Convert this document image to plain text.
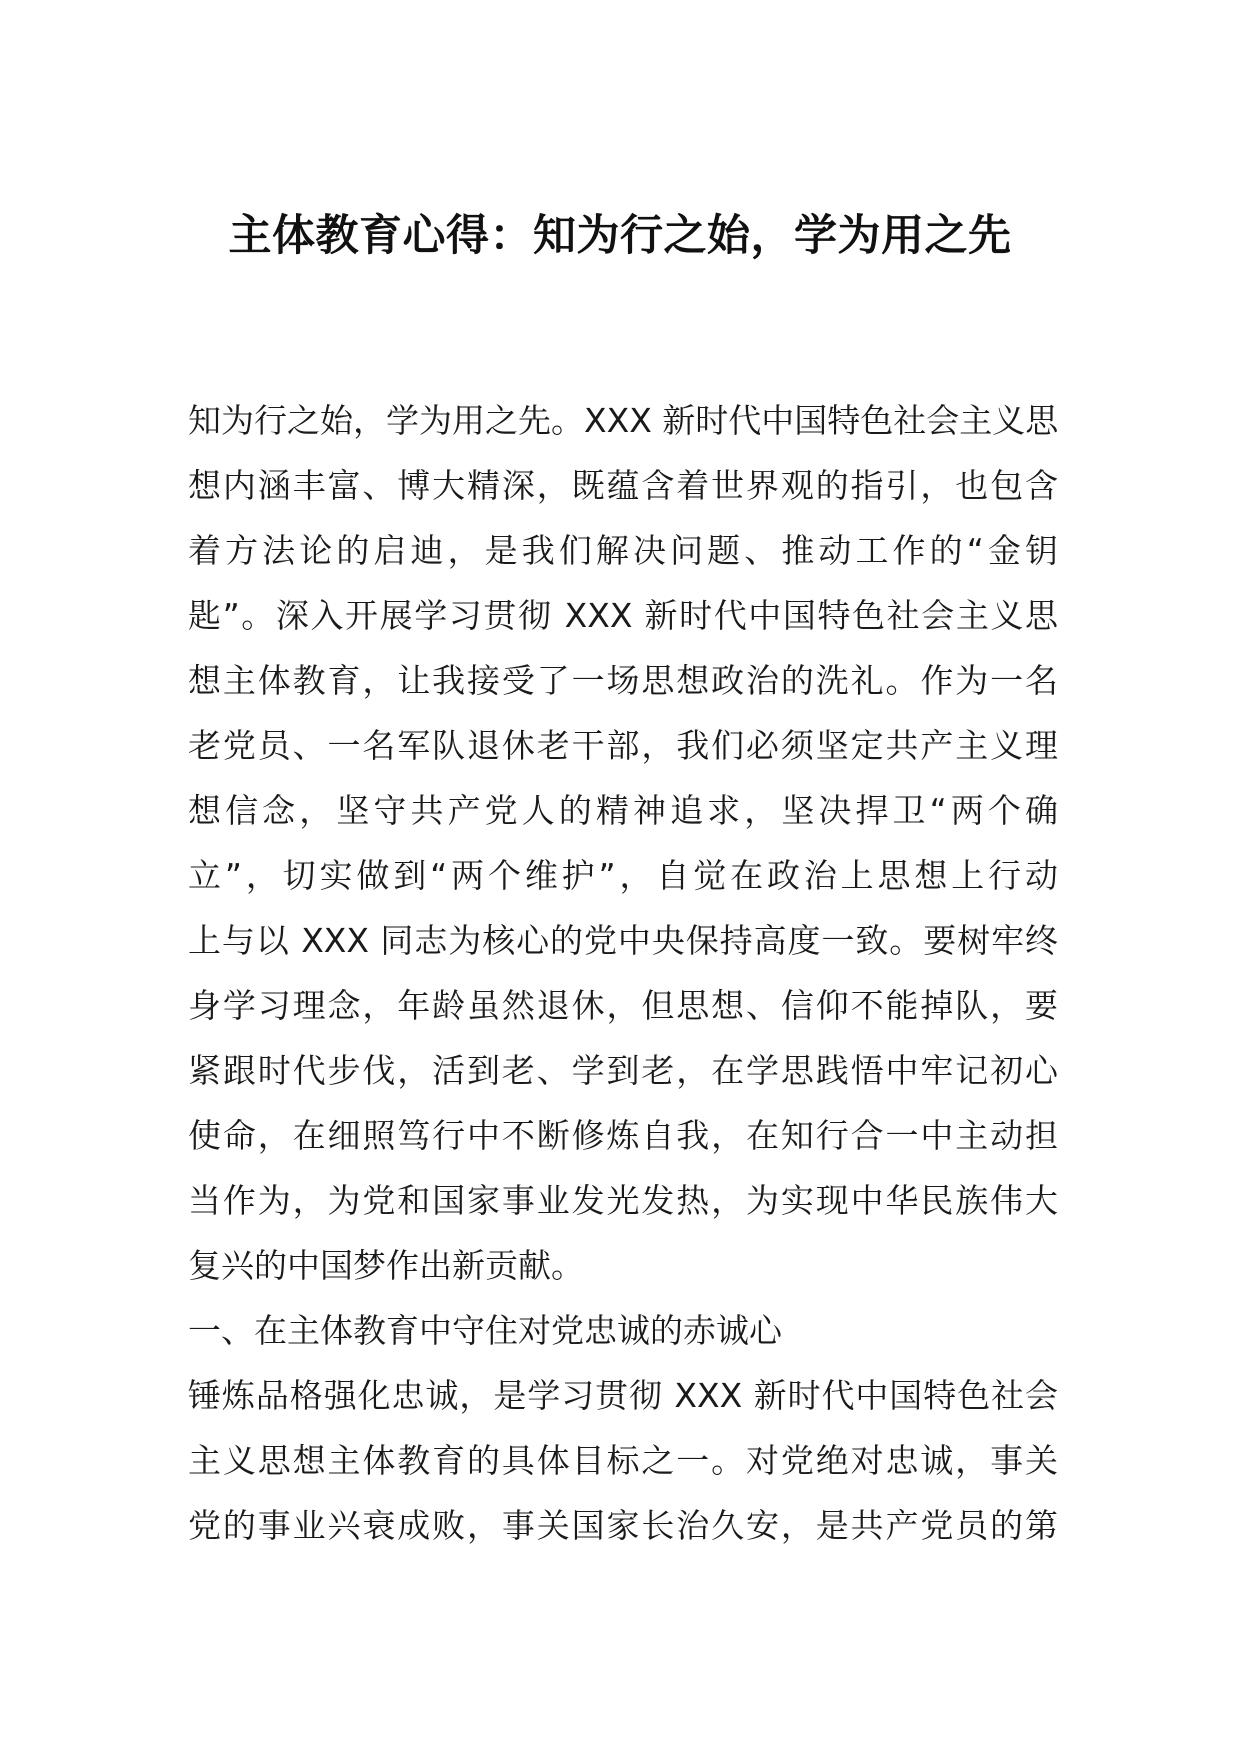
主体教育心得：知为行之始，学为用之先
知为行之始，学为用之先。XXX 新时代中国特色社会主义思
想内涵丰富、博大精深，既蕴含着世界观的指引，也包含
着方法论的启迪，是我们解决问题、推动工作的“金钥
匙”。深入开展学习贯彻 XXX 新时代中国特色社会主义思
想主体教育，让我接受了一场思想政治的洗礼。作为一名
老党员、一名军队退休老干部，我们必须坚定共产主义理
想信念，坚守共产党人的精神追求，坚决捍卫“两个确
立”，切实做到“两个维护”，自觉在政治上思想上行动
上与以 XXX 同志为核心的党中央保持高度一致。要树牢终
身学习理念，年龄虽然退休，但思想、信仰不能掉队，要
紧跟时代步伐，活到老、学到老，在学思践悟中牢记初心
使命，在细照笃行中不断修炼自我，在知行合一中主动担
当作为，为党和国家事业发光发热，为实现中华民族伟大
复兴的中国梦作出新贡献。
一、在主体教育中守住对党忠诚的赤诚心
锤炼品格强化忠诚，是学习贯彻 XXX 新时代中国特色社会
主义思想主体教育的具体目标之一。对党绝对忠诚，事关
党的事业兴衰成败，事关国家长治久安，是共产党员的第
